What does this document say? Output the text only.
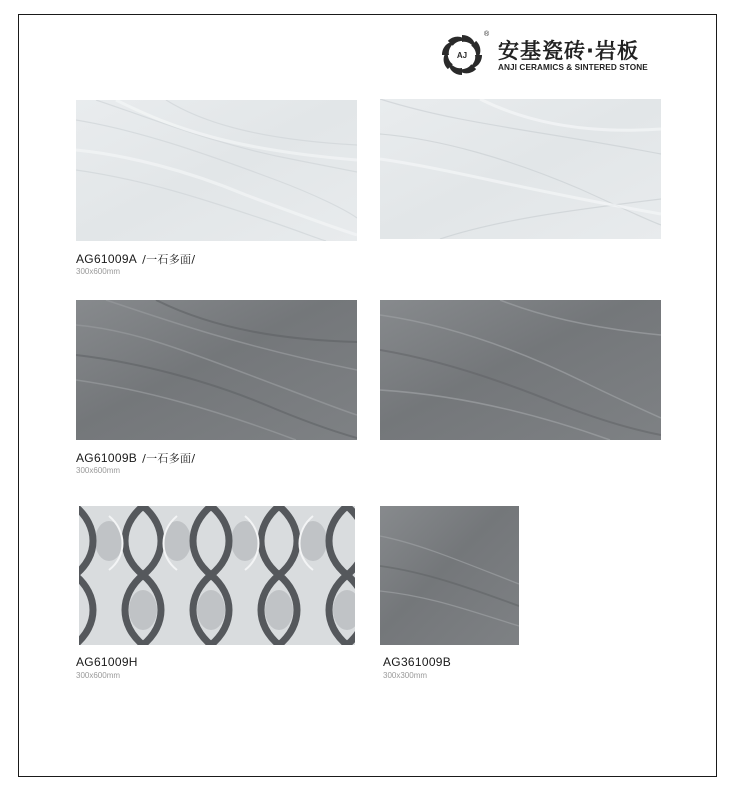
AJ
®
安基瓷砖·岩板
ANJI CERAMICS & SINTERED STONE
AG61009A /一石多面/
300x600mm
AG61009B /一石多面/
300x600mm
AG61009H
300x600mm
AG361009B
300x300mm
